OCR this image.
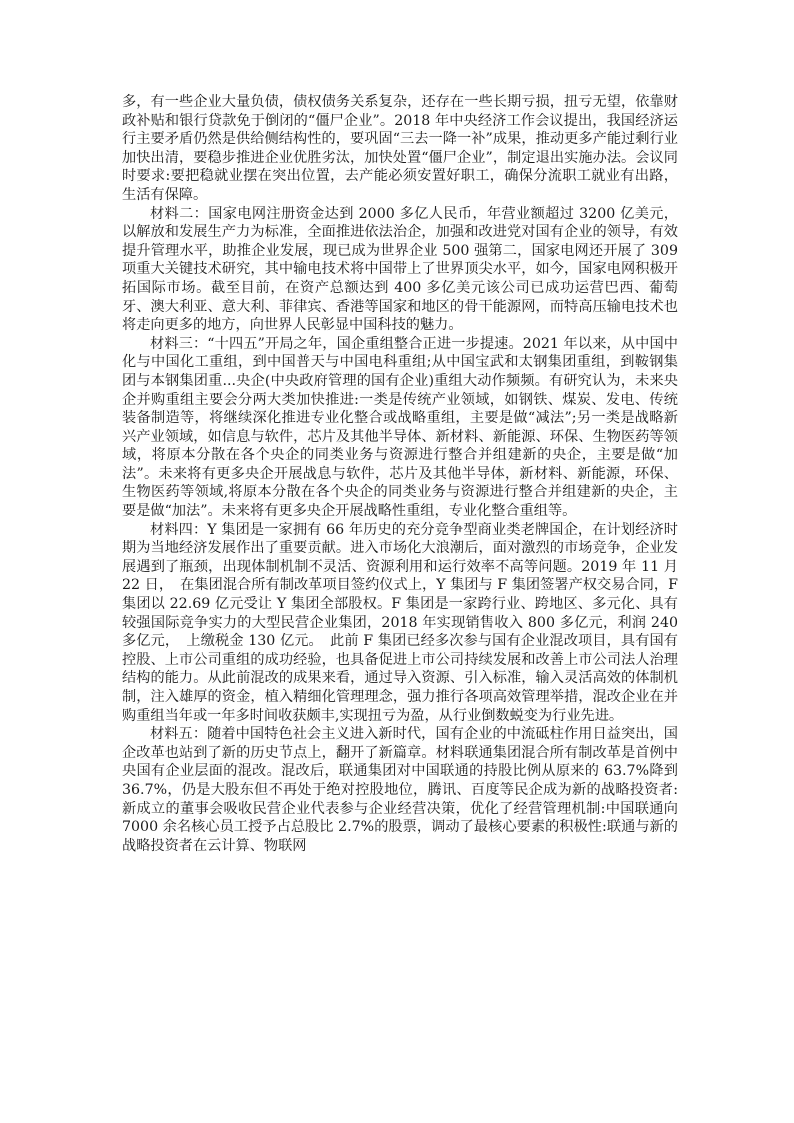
多，有一些企业大量负债，债权债务关系复杂，还存在一些长期亏损，扭亏无望，依靠财政补贴和银行贷款免于倒闭的“僵尸企业”。2018 年中央经济工作会议提出，我国经济运行主要矛盾仍然是供给侧结构性的，要巩固“三去一降一补”成果，推动更多产能过剩行业加快出清，要稳步推进企业优胜劣汰，加快处置“僵尸企业”，制定退出实施办法。会议同时要求:要把稳就业摆在突出位置，去产能必须安置好职工，确保分流职工就业有出路，生活有保障。

材料二：国家电网注册资金达到 2000 多亿人民币，年营业额超过 3200 亿美元，以解放和发展生产力为标准，全面推进依法治企，加强和改进党对国有企业的领导，有效提升管理水平，助推企业发展，现已成为世界企业 500 强第二，国家电网还开展了 309 项重大关键技术研究，其中输电技术将中国带上了世界顶尖水平，如今，国家电网积极开拓国际市场。截至目前，在资产总额达到 400 多亿美元该公司已成功运营巴西、葡萄牙、澳大利亚、意大利、菲律宾、香港等国家和地区的骨干能源网，而特高压输电技术也将走向更多的地方，向世界人民彰显中国科技的魅力。

材料三：“十四五”开局之年，国企重组整合正进一步提速。2021 年以来，从中国中化与中国化工重组，到中国普天与中国电科重组;从中国宝武和太钢集团重组，到鞍钢集团与本钢集团重...央企(中央政府管理的国有企业)重组大动作频频。有研究认为，未来央企并购重组主要会分两大类加快推进:一类是传统产业领域，如钢铁、煤炭、发电、传统装备制造等，将继续深化推进专业化整合或战略重组，主要是做“减法”;另一类是战略新兴产业领域，如信息与软件，芯片及其他半导体、新材料、新能源、环保、生物医药等领域，将原本分散在各个央企的同类业务与资源进行整合并组建新的央企，主要是做“加法”。未来将有更多央企开展战息与软件，芯片及其他半导体，新材料、新能源，环保、生物医药等领域,将原本分散在各个央企的同类业务与资源进行整合并组建新的央企，主要是做“加法”。未来将有更多央企开展战略性重组，专业化整合重组等。

材料四：Y 集团是一家拥有 66 年历史的充分竞争型商业类老牌国企，在计划经济时期为当地经济发展作出了重要贡献。进入市场化大浪潮后，面对激烈的市场竞争，企业发展遇到了瓶颈，出现体制机制不灵活、资源利用和运行效率不高等问题。2019 年 11 月 22 日，　在集团混合所有制改革项目签约仪式上，Y 集团与 F 集团签署产权交易合同，F 集团以 22.69 亿元受让 Y 集团全部股权。F 集团是一家跨行业、跨地区、多元化、具有较强国际竞争实力的大型民营企业集团，2018 年实现销售收入 800 多亿元，利润 240 多亿元，　上缴税金 130 亿元。　此前 F 集团已经多次参与国有企业混改项目，具有国有控股、上市公司重组的成功经验，也具备促进上市公司持续发展和改善上市公司法人治理结构的能力。从此前混改的成果来看，通过导入资源、引入标准，输入灵活高效的体制机制，注入雄厚的资金，植入精细化管理理念，强力推行各项高效管理举措，混改企业在并购重组当年或一年多时间收获颇丰,实现扭亏为盈，从行业倒数蜕变为行业先进。

材料五：随着中国特色社会主义进入新时代，国有企业的中流砥柱作用日益突出，国企改革也站到了新的历史节点上，翻开了新篇章。材料联通集团混合所有制改革是首例中央国有企业层面的混改。混改后，联通集团对中国联通的持股比例从原来的 63.7%降到 36.7%，仍是大股东但不再处于绝对控股地位，腾讯、百度等民企成为新的战略投资者:新成立的董事会吸收民营企业代表参与企业经营决策，优化了经营管理机制:中国联通向 7000 余名核心员工授予占总股比 2.7%的股票，调动了最核心要素的积极性:联通与新的战略投资者在云计算、物联网
